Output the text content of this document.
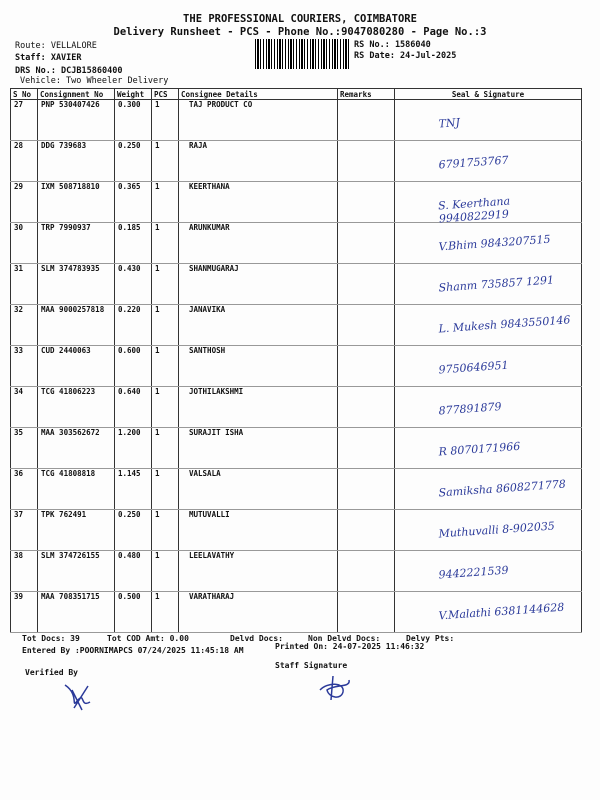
THE PROFESSIONAL COURIERS, COIMBATORE
Delivery Runsheet - PCS - Phone No.:9047080280 - Page No.:3
Route: VELLALORE
Staff: XAVIER
DRS No.: DCJB15860400
Vehicle: Two Wheeler Delivery
RS No.: 1586040
RS Date: 24-Jul-2025
S No	Consignment No	Weight	PCS	Consignee Details	Remarks	Seal & Signature
27	PNP 530407426	0.300	1	TAJ PRODUCT CO		TNJ

28	DDG 739683	0.250	1	RAJA		6791753767

29	IXM 508718810	0.365	1	KEERTHANA		S. Keerthana 9940822919

30	TRP 7990937	0.185	1	ARUNKUMAR		V.Bhim 9843207515

31	SLM 374783935	0.430	1	SHANMUGARAJ		Shanm 735857 1291

32	MAA 9000257818	0.220	1	JANAVIKA		L. Mukesh 9843550146

33	CUD 2440063	0.600	1	SANTHOSH		9750646951

34	TCG 41806223	0.640	1	JOTHILAKSHMI		877891879

35	MAA 303562672	1.200	1	SURAJIT ISHA		R 8070171966

36	TCG 41808818	1.145	1	VALSALA		Samiksha 8608271778

37	TPK 762491	0.250	1	MUTUVALLI		Muthuvalli 8-902035

38	SLM 374726155	0.480	1	LEELAVATHY		9442221539

39	MAA 708351715	0.500	1	VARATHARAJ		V.Malathi 6381144628
Tot Docs: 39	Tot COD Amt: 0.00	Delvd Docs:	Non Delvd Docs:	Delvy Pts:
Entered By :POORNIMAPCS 07/24/2025 11:45:18 AM	Printed On: 24-07-2025 11:46:32
Verified By
Staff Signature
